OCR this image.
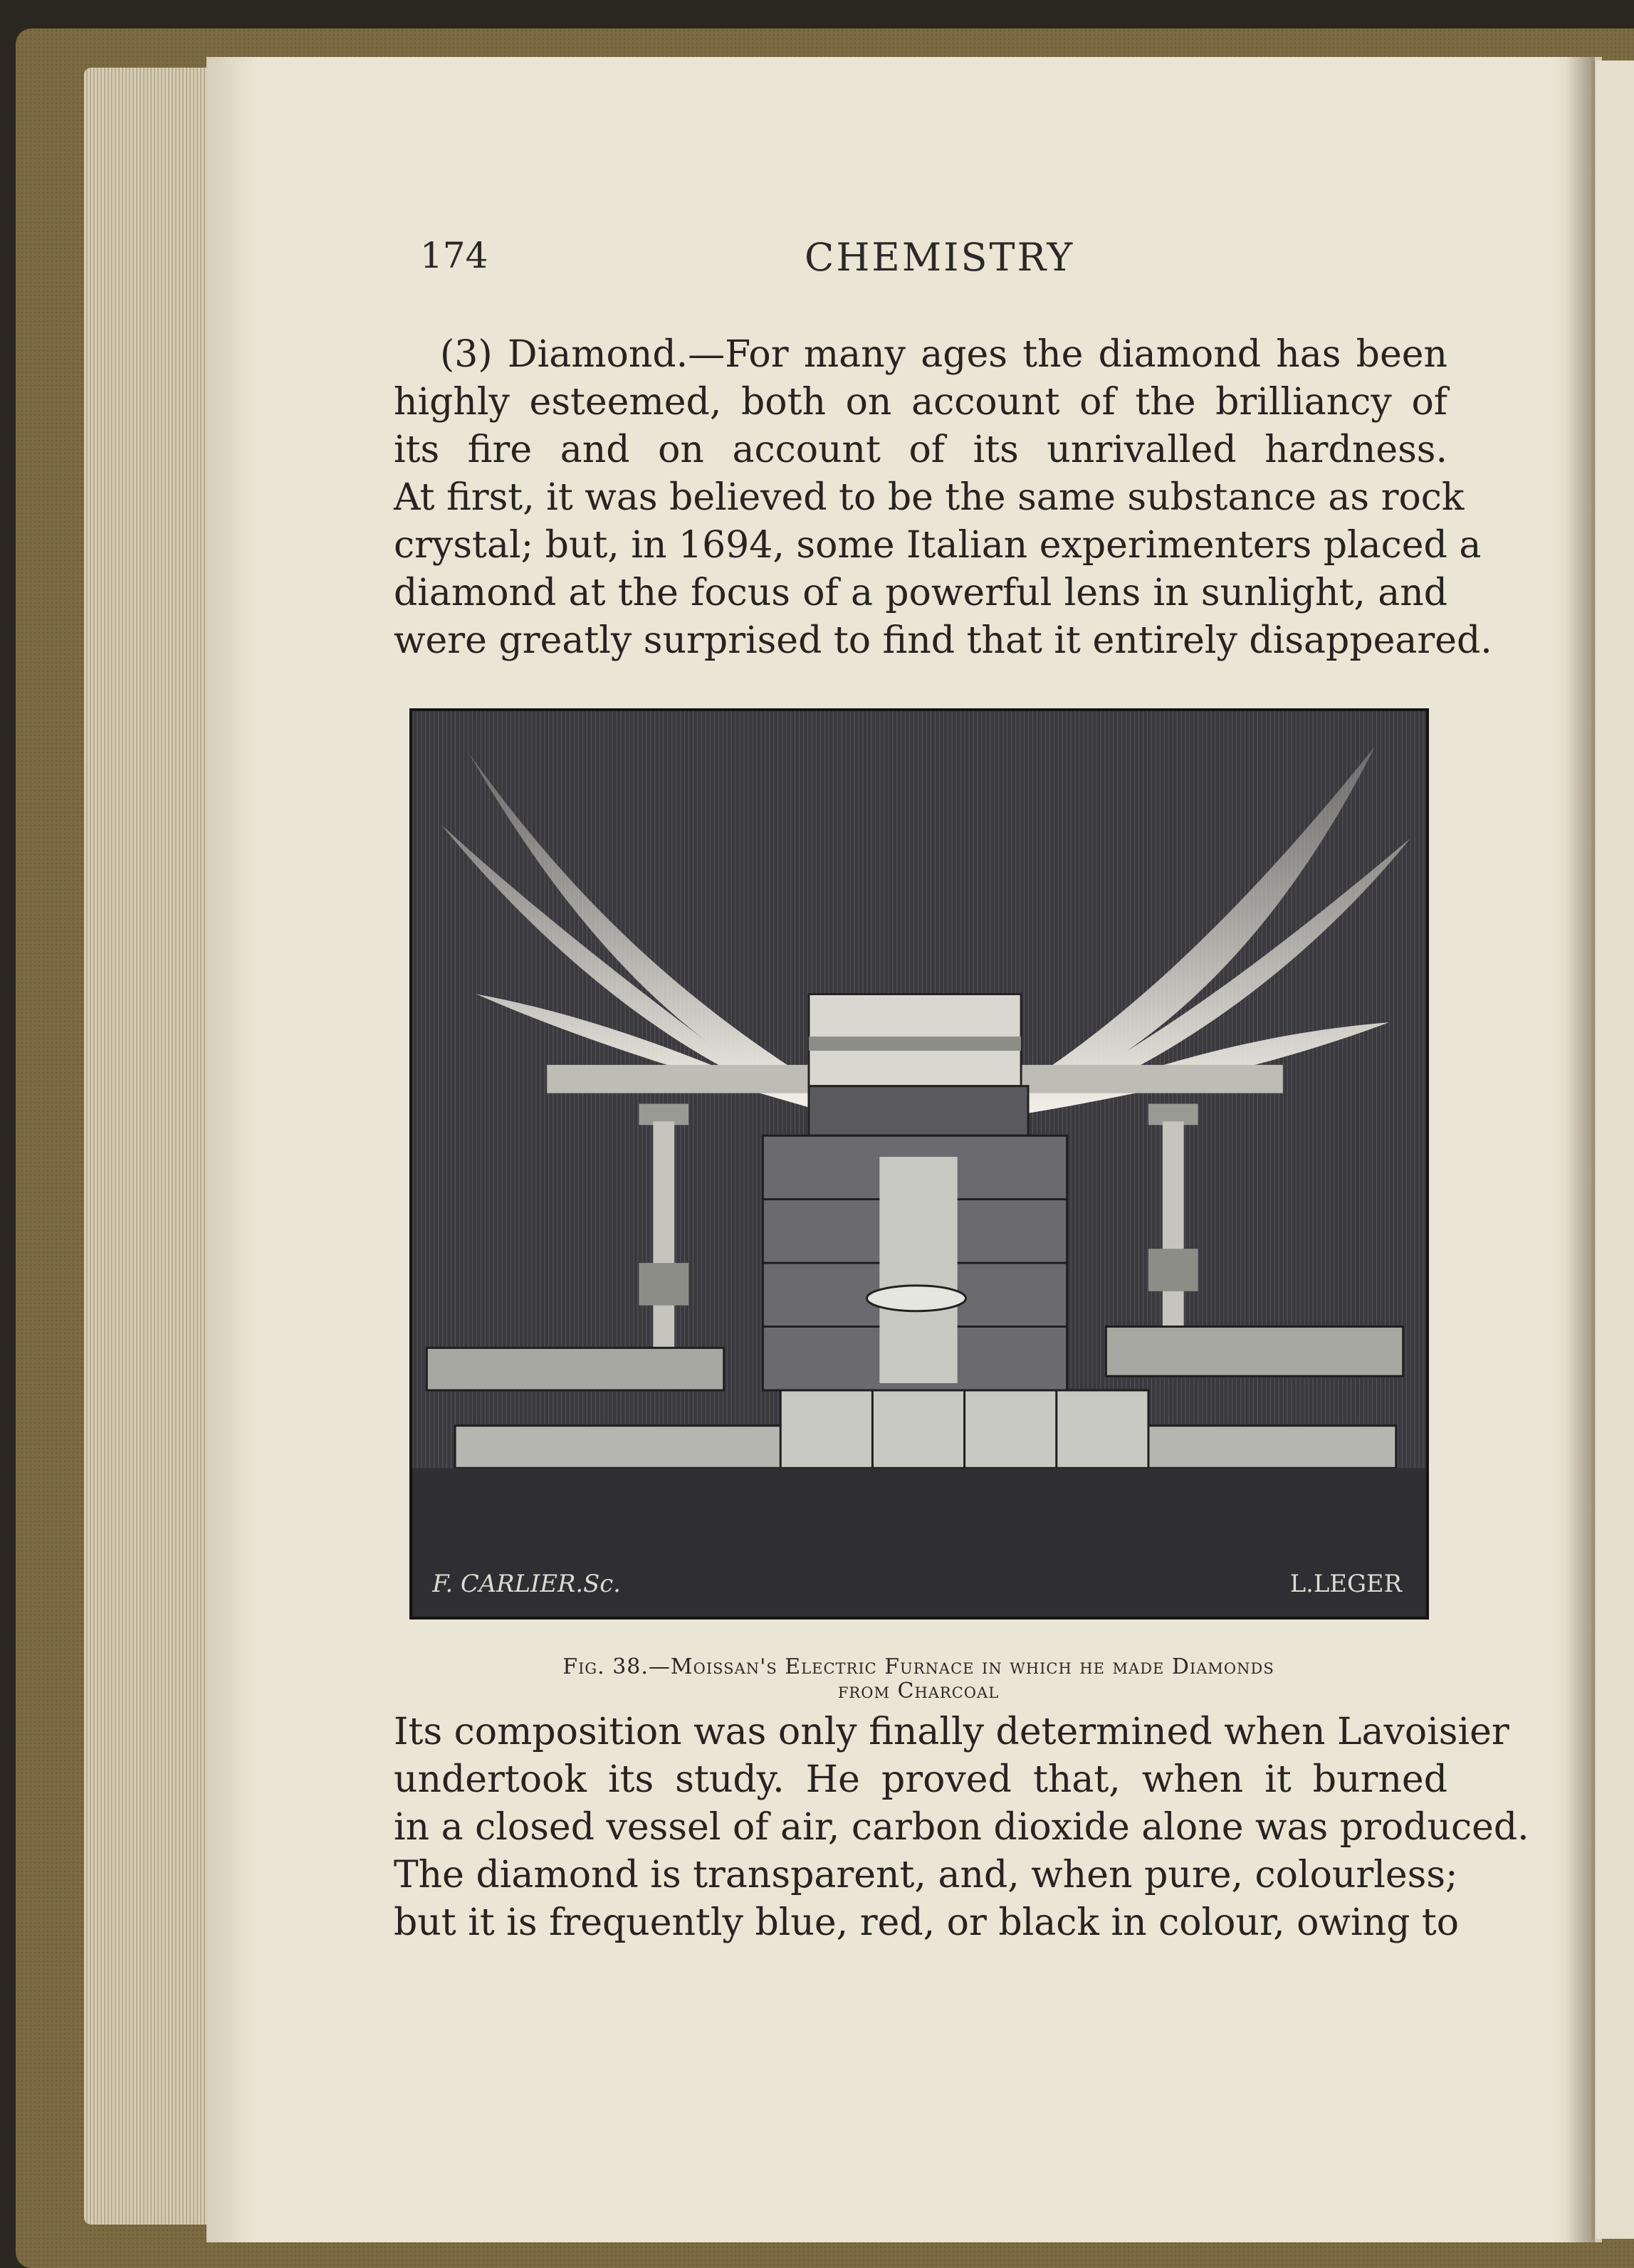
174	CHEMISTRY
(3) Diamond.—For many ages the diamond has been
highly esteemed, both on account of the brilliancy of
its fire and on account of its unrivalled hardness.
At first, it was believed to be the same substance as rock
crystal; but, in 1694, some Italian experimenters placed a
diamond at the focus of a powerful lens in sunlight, and
were greatly surprised to find that it entirely disappeared.
F. CARLIER.Sc.	L.LEGER
Fig. 38.—Moissan's Electric Furnace in which he made Diamonds
from Charcoal
Its composition was only finally determined when Lavoisier
undertook its study. He proved that, when it burned
in a closed vessel of air, carbon dioxide alone was produced.
The diamond is transparent, and, when pure, colourless;
but it is frequently blue, red, or black in colour, owing to
